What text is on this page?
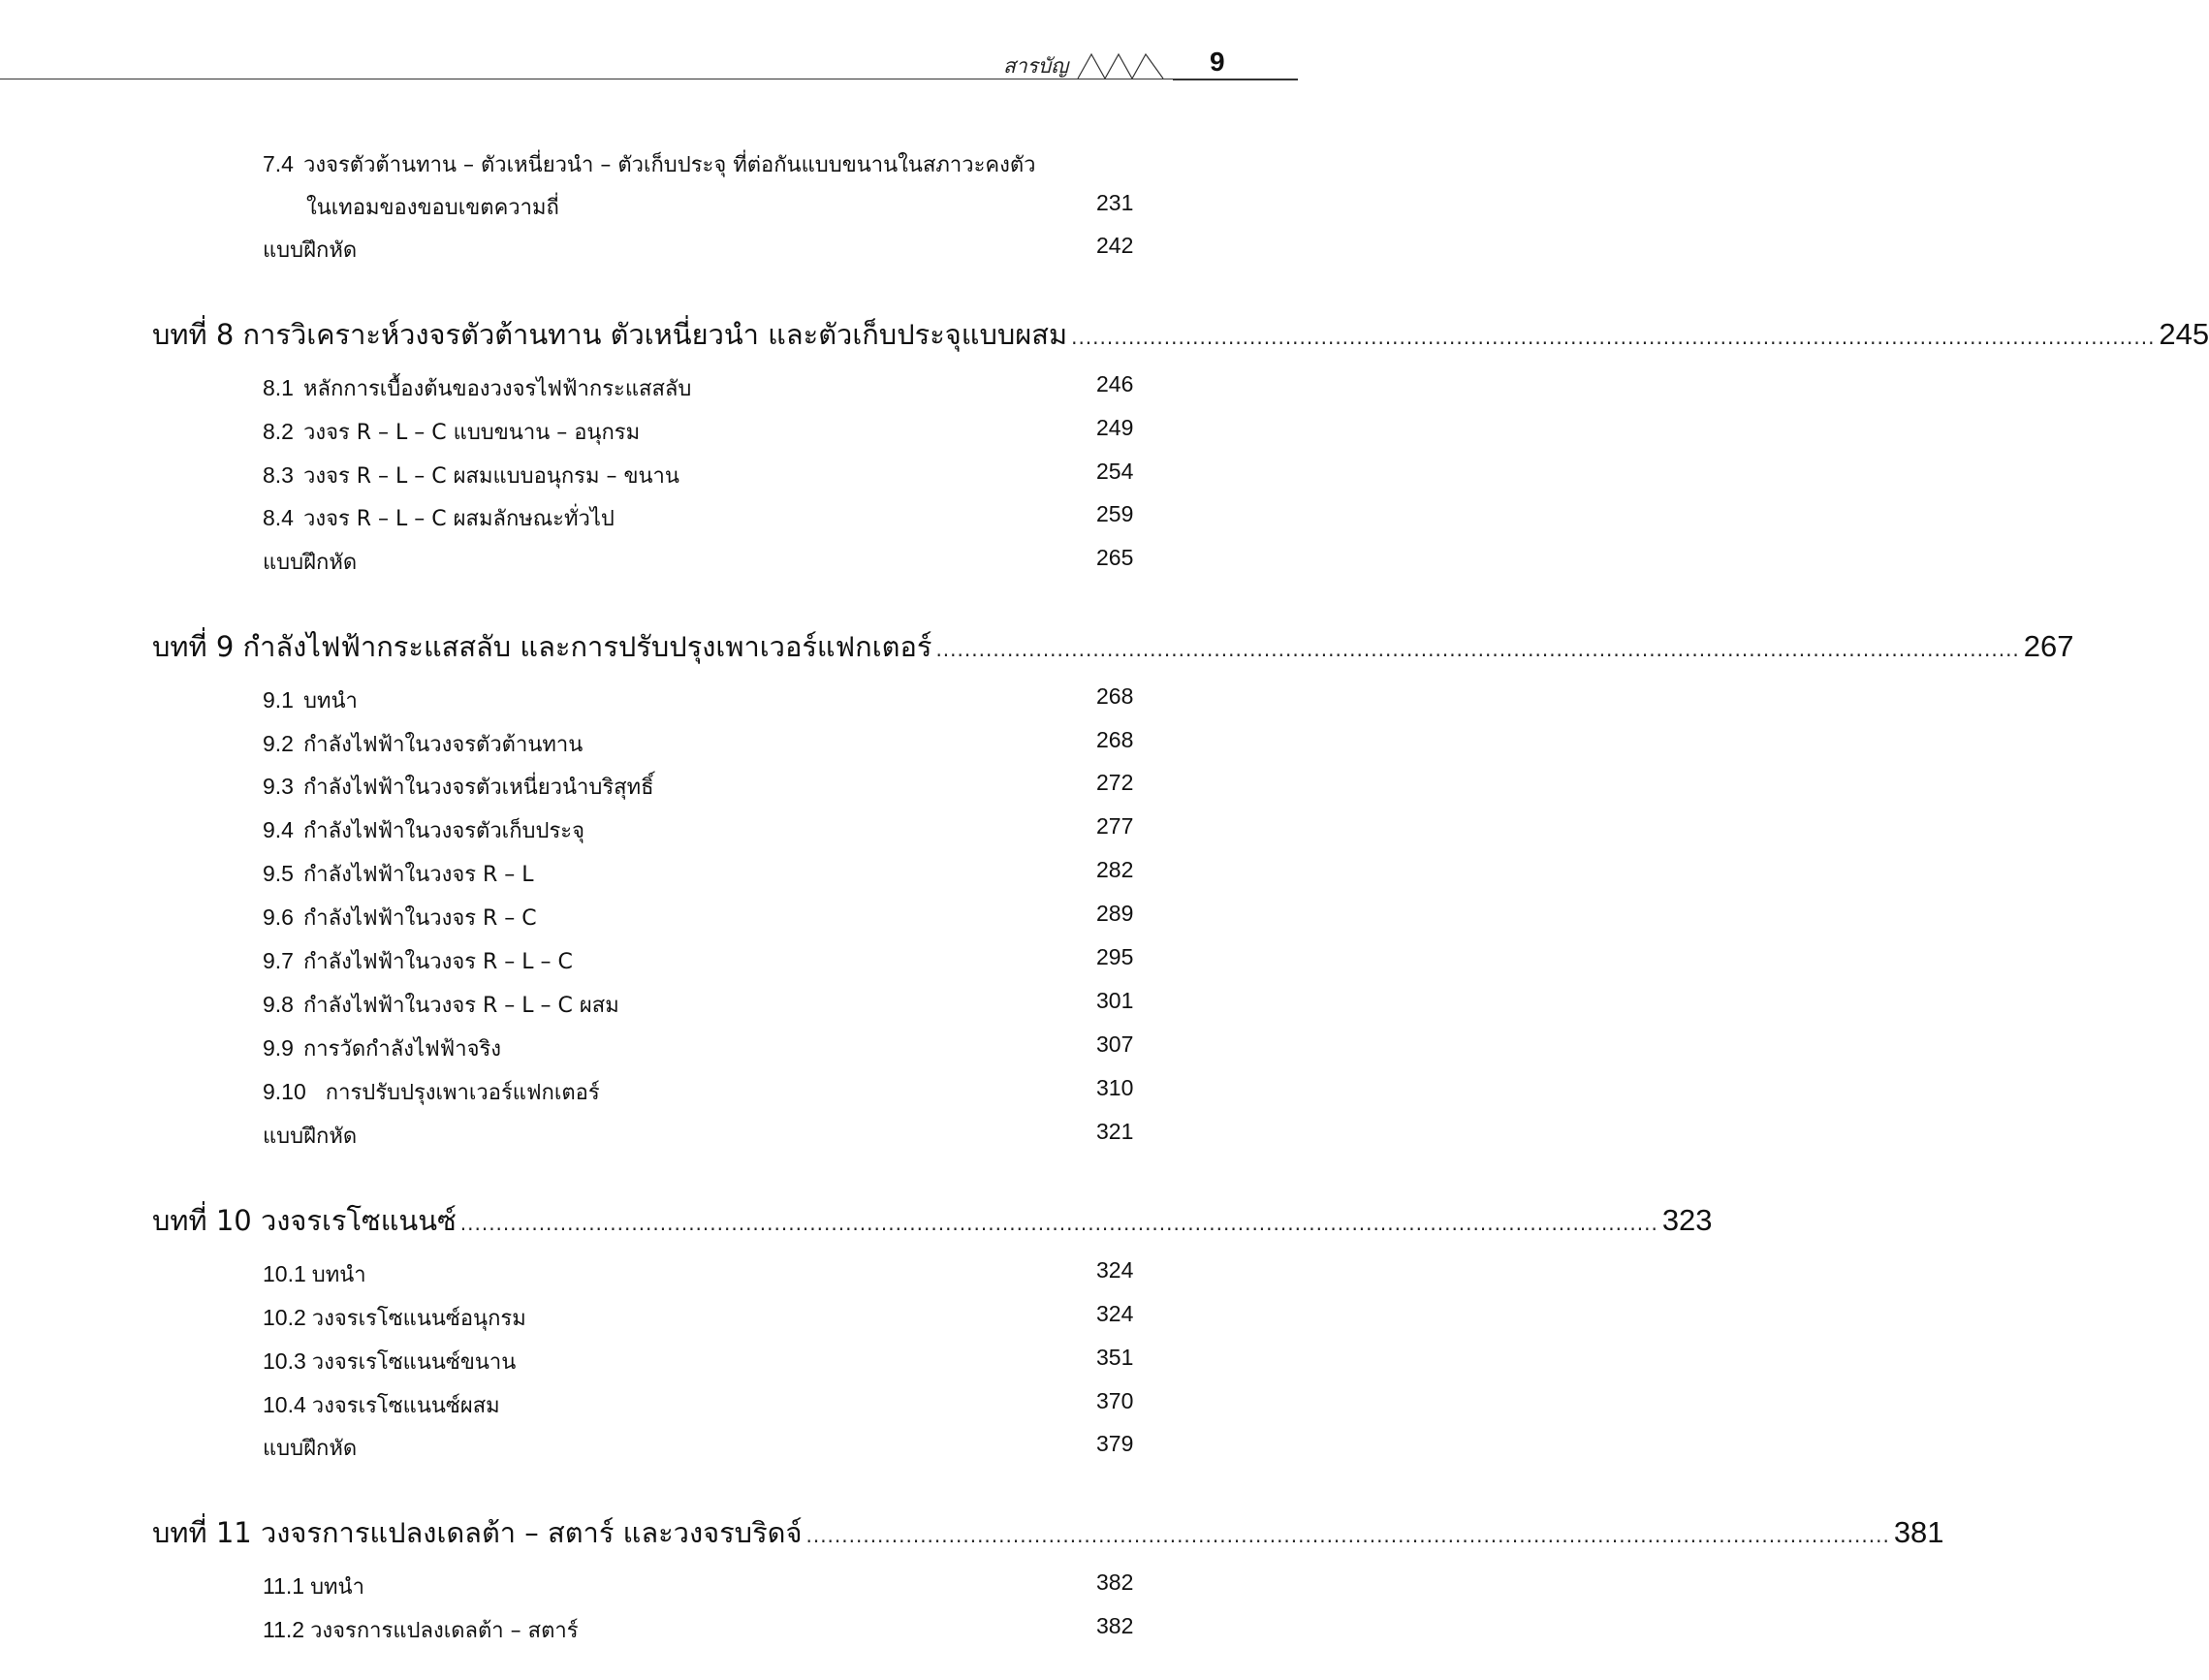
สารบัญ	9
7.4 วงจรตัวต้านทาน – ตัวเหนี่ยวนำ – ตัวเก็บประจุ ที่ต่อกันแบบขนานในสภาวะคงตัว
ในเทอมของขอบเขตความถี่	231
แบบฝึกหัด	242
บทที่ 8 การวิเคราะห์วงจรตัวต้านทาน ตัวเหนี่ยวนำ และตัวเก็บประจุแบบผสม ........................................................................................................................................................ 245
8.1 หลักการเบื้องต้นของวงจรไฟฟ้ากระแสสลับ	246
8.2 วงจร R – L – C แบบขนาน – อนุกรม	249
8.3 วงจร R – L – C ผสมแบบอนุกรม – ขนาน	254
8.4 วงจร R – L – C ผสมลักษณะทั่วไป	259
แบบฝึกหัด	265
บทที่ 9 กำลังไฟฟ้ากระแสสลับ และการปรับปรุงเพาเวอร์แฟกเตอร์ ........................................................................................................................................................ 267
9.1 บทนำ	268
9.2 กำลังไฟฟ้าในวงจรตัวต้านทาน	268
9.3 กำลังไฟฟ้าในวงจรตัวเหนี่ยวนำบริสุทธิ์	272
9.4 กำลังไฟฟ้าในวงจรตัวเก็บประจุ	277
9.5 กำลังไฟฟ้าในวงจร R – L	282
9.6 กำลังไฟฟ้าในวงจร R – C	289
9.7 กำลังไฟฟ้าในวงจร R – L – C	295
9.8 กำลังไฟฟ้าในวงจร R – L – C ผสม	301
9.9 การวัดกำลังไฟฟ้าจริง	307
9.10 การปรับปรุงเพาเวอร์แฟกเตอร์	310
แบบฝึกหัด	321
บทที่ 10 วงจรเรโซแนนซ์ ........................................................................................................................................................................ 323
10.1 บทนำ	324
10.2 วงจรเรโซแนนซ์อนุกรม	324
10.3 วงจรเรโซแนนซ์ขนาน	351
10.4 วงจรเรโซแนนซ์ผสม	370
แบบฝึกหัด	379
บทที่ 11 วงจรการแปลงเดลต้า – สตาร์ และวงจรบริดจ์ ........................................................................................................................................................ 381
11.1 บทนำ	382
11.2 วงจรการแปลงเดลต้า – สตาร์	382
